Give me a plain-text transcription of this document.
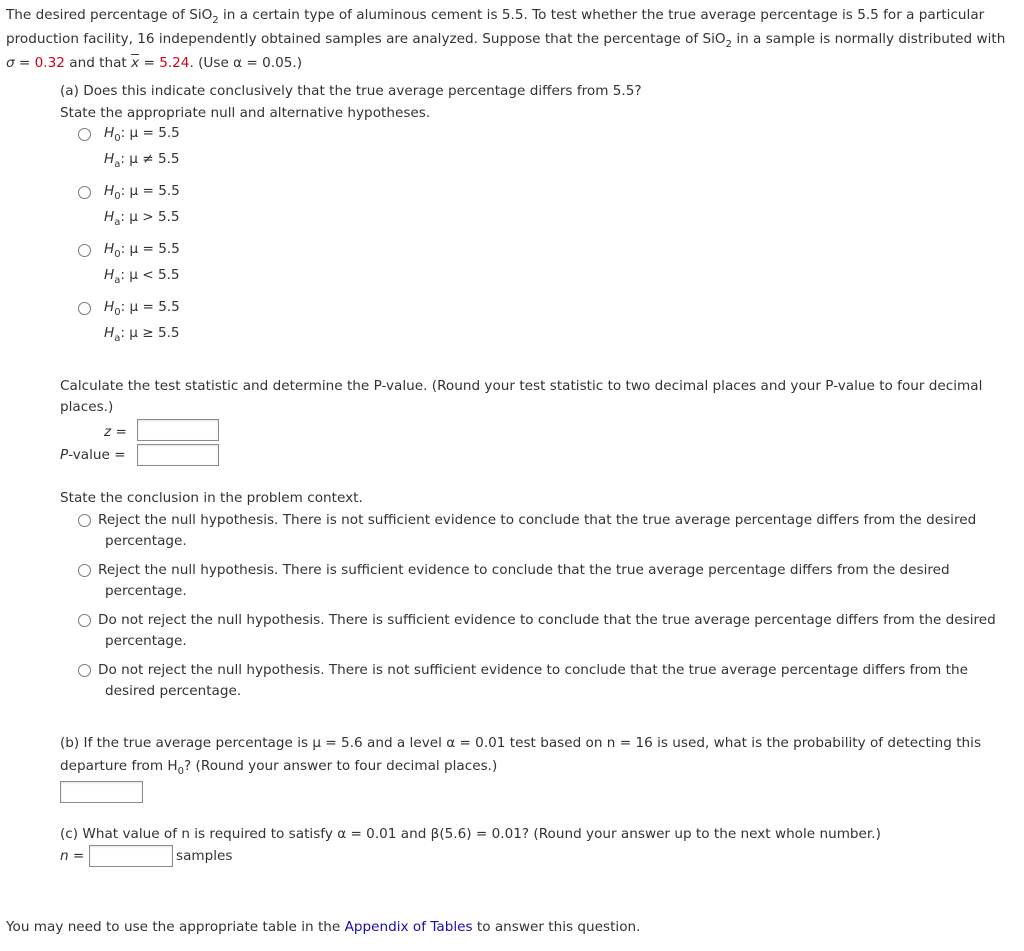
The desired percentage of SiO$_2$ in a certain type of aluminous cement is 5.5. To test whether the true average percentage is 5.5 for a particular
production facility, 16 independently obtained samples are analyzed. Suppose that the percentage of SiO$_2$ in a sample is normally distributed with
σ = 0.32 and that $\overline{x} = 5.24$. (Use α = 0.05.)
(a) Does this indicate conclusively that the true average percentage differs from 5.5?
State the appropriate null and alternative hypotheses.
$H_0$: μ = 5.5
$H_a$: μ ≠ 5.5
$H_0$: μ = 5.5
$H_a$: μ > 5.5
$H_0$: μ = 5.5
$H_a$: μ < 5.5
$H_0$: μ = 5.5
$H_a$: μ ≥ 5.5
Calculate the test statistic and determine the P-value. (Round your test statistic to two decimal places and your P-value to four decimal
places.)
z =
P-value =
State the conclusion in the problem context.
Reject the null hypothesis. There is not sufficient evidence to conclude that the true average percentage differs from the desired
percentage.
Reject the null hypothesis. There is sufficient evidence to conclude that the true average percentage differs from the desired
percentage.
Do not reject the null hypothesis. There is sufficient evidence to conclude that the true average percentage differs from the desired
percentage.
Do not reject the null hypothesis. There is not sufficient evidence to conclude that the true average percentage differs from the
desired percentage.
(b) If the true average percentage is μ = 5.6 and a level α = 0.01 test based on n = 16 is used, what is the probability of detecting this
departure from $H_0$? (Round your answer to four decimal places.)
(c) What value of n is required to satisfy α = 0.01 and β(5.6) = 0.01? (Round your answer up to the next whole number.)
n =	samples
You may need to use the appropriate table in the Appendix of Tables to answer this question.
